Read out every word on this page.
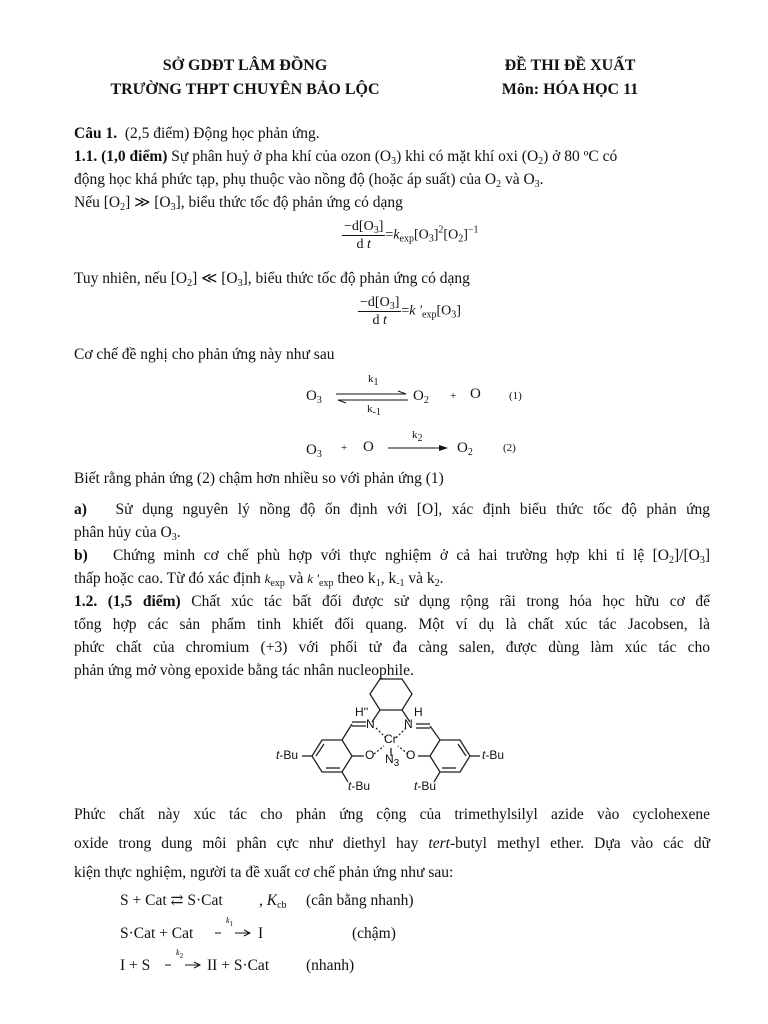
SỞ GDĐT LÂM ĐỒNG
TRƯỜNG THPT CHUYÊN BẢO LỘC
ĐỀ THI ĐỀ XUẤT
Môn: HÓA HỌC 11
Câu 1. (2,5 điểm) Động học phản ứng.
1.1. (1,0 điểm) Sự phân huỷ ở pha khí của ozon $(O_3)$ khi có mặt khí oxi $(O_2)$ ở 80 ºC có
động học khá phức tạp, phụ thuộc vào nồng độ (hoặc áp suất) của $O_2$ và $O_3$.
Nếu $[O_2]$ ≫ $[O_3]$, biểu thức tốc độ phản ứng có dạng
$\frac{-d[O_3]}{\text{d t}} =k_{exp}[O_3]^2[O_2]^{-1}$
Tuy nhiên, nếu $[O_2]$ ≪ $[O_3]$, biểu thức tốc độ phản ứng có dạng
$\frac{-d[O_3]}{\text{d t}} =k$ '$_{exp}[O_3]$
Cơ chế đề nghị cho phản ứng này như sau
$O_3$
$k_1$
$k_{-1}$
$O_2 + O$	(1)
$O_3$
+ O
$k_2$
$O_2$	(2)
Biết rằng phản ứng (2) chậm hơn nhiều so với phản ứng (1)
a) Sử dụng nguyên lý nồng độ ổn định với [O], xác định biểu thức tốc độ phản ứng
phân hủy của $O_3$.
b) Chứng minh cơ chế phù hợp với thực nghiệm ở cả hai trường hợp khi tỉ lệ $[O_2]/[O_3]$
thấp hoặc cao. Từ đó xác định $k_{exp}$ và k '$_{exp}$ theo $k_1$, $k_{-1}$ và $k_2$.
1.2. (1,5 điểm) Chất xúc tác bất đối được sử dụng rộng rãi trong hóa học hữu cơ để
tổng hợp các sản phẩm tinh khiết đối quang. Một ví dụ là chất xúc tác Jacobsen, là
phức chất của chromium (+3) với phối tử đa càng salen, được dùng làm xúc tác cho
phản ứng mở vòng epoxide bằng tác nhân nucleophile.
H''	H
N N
Cr
O	O
$N_3$
t-Bu	t-Bu
t-Bu	t-Bu
Phức chất này xúc tác cho phản ứng cộng của trimethylsilyl azide vào cyclohexene
oxide trong dung môi phân cực như diethyl hay tert-butyl methyl ether. Dựa vào các dữ
kiện thực nghiệm, người ta đề xuất cơ chế phản ứng như sau:
S + Cat ⇄ S·Cat , $K_{cb}$ (cân bằng nhanh)
S·Cat + Cat
$k_1$
I	(chậm)
I + S
$k_2$
II + S·Cat (nhanh)
